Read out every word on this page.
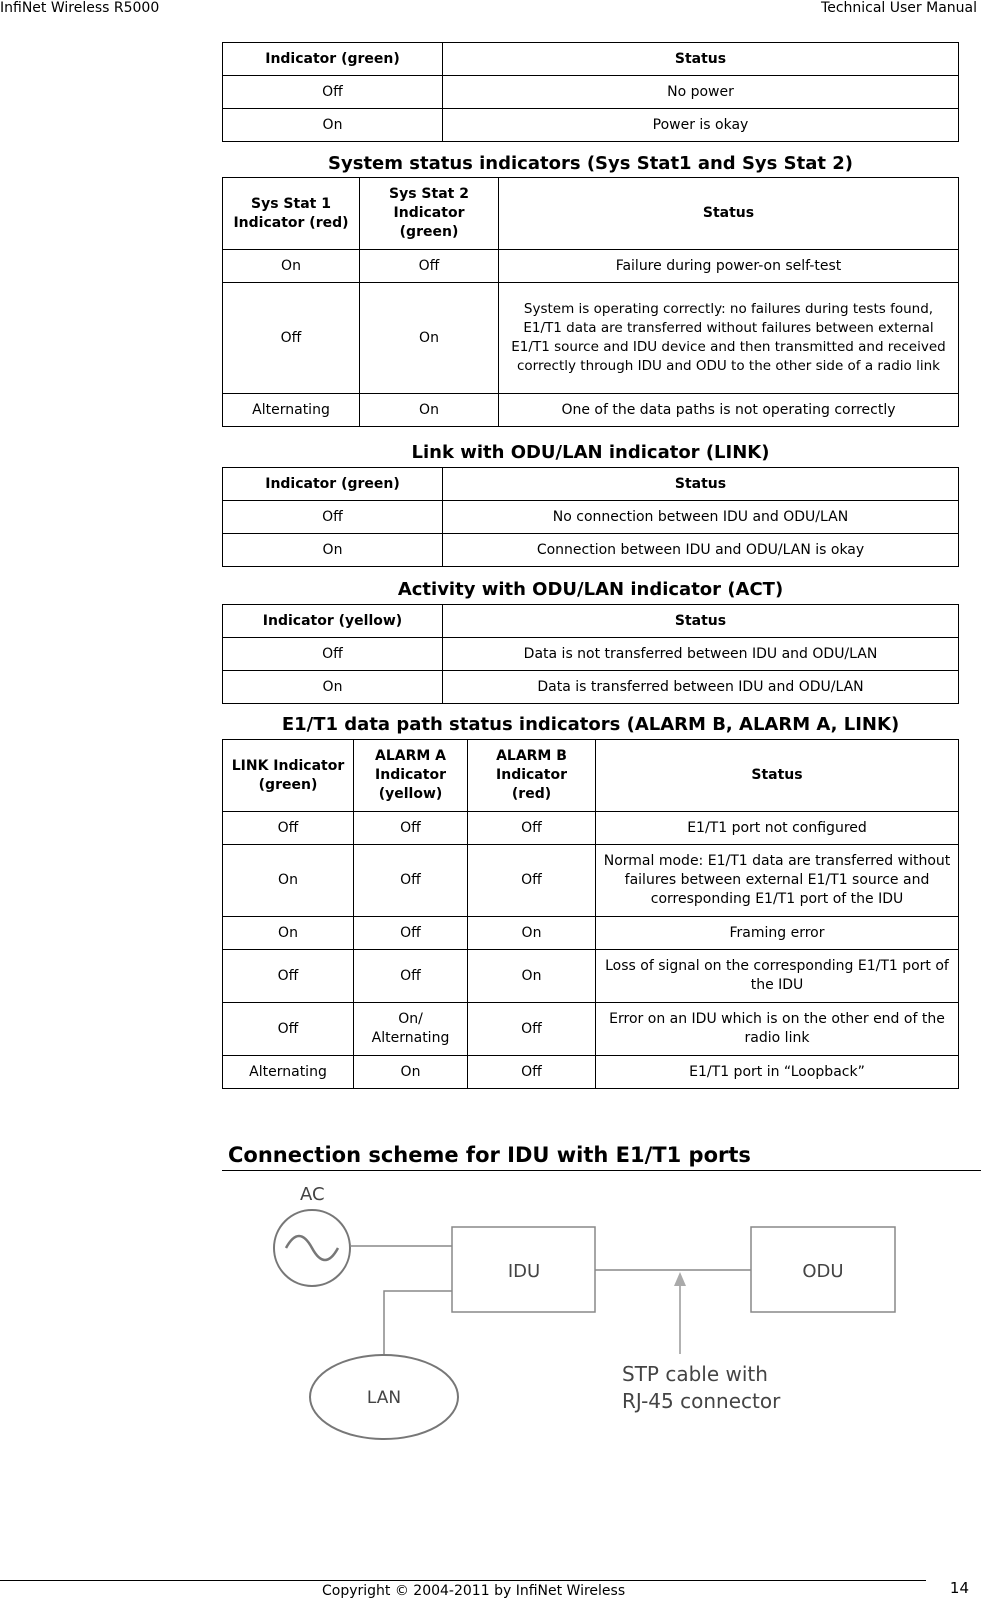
InfiNet Wireless R5000	Technical User Manual
Indicator (green)	Status
Off	No power
On	Power is okay
System status indicators (Sys Stat1 and Sys Stat 2)
Sys Stat 1 Indicator (red)	Sys Stat 2 Indicator (green)	Status
On	Off	Failure during power-on self-test
Off	On	System is operating correctly: no failures during tests found, E1/T1 data are transferred without failures between external E1/T1 source and IDU device and then transmitted and received correctly through IDU and ODU to the other side of a radio link
Alternating	On	One of the data paths is not operating correctly
Link with ODU/LAN indicator (LINK)
Indicator (green)	Status
Off	No connection between IDU and ODU/LAN
On	Connection between IDU and ODU/LAN is okay
Activity with ODU/LAN indicator (ACT)
Indicator (yellow)	Status
Off	Data is not transferred between IDU and ODU/LAN
On	Data is transferred between IDU and ODU/LAN
E1/T1 data path status indicators (ALARM B, ALARM A, LINK)
LINK Indicator (green)	ALARM A Indicator (yellow)	ALARM B Indicator (red)	Status
Off	Off	Off	E1/T1 port not configured
On	Off	Off	Normal mode: E1/T1 data are transferred without failures between external E1/T1 source and corresponding E1/T1 port of the IDU
On	Off	On	Framing error
Off	Off	On	Loss of signal on the corresponding E1/T1 port of the IDU
Off	On/ Alternating	Off	Error on an IDU which is on the other end of the radio link
Alternating	On	Off	E1/T1 port in “Loopback”
Connection scheme for IDU with E1/T1 ports
AC
IDU	ODU
LAN
STP cable with
RJ-45 connector
Copyright © 2004-2011 by InfiNet Wireless	14
